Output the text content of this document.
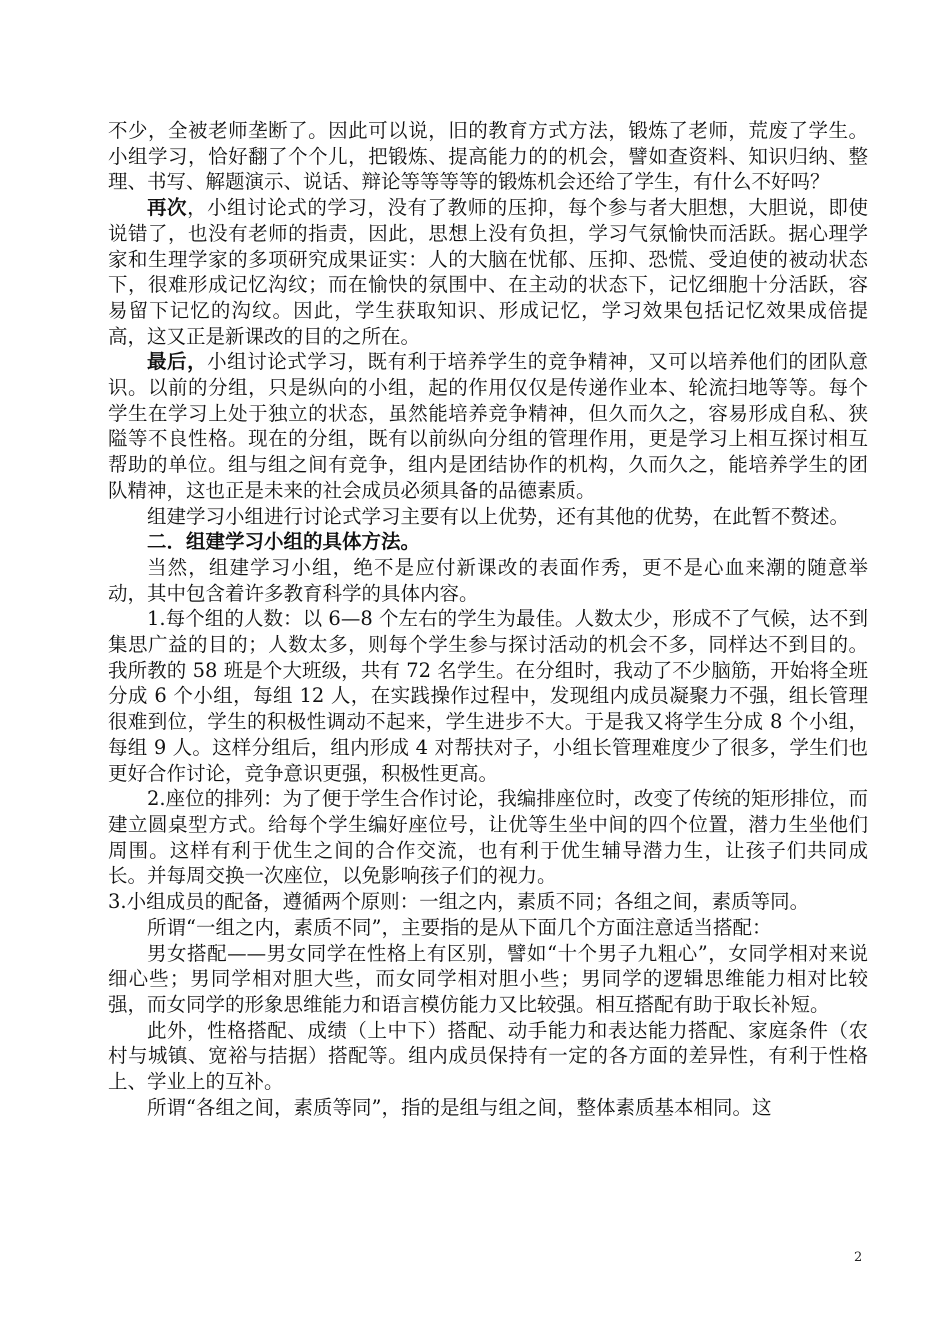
不少，全被老师垄断了。因此可以说，旧的教育方式方法，锻炼了老师，荒废了学生。小组学习，恰好翻了个个儿，把锻炼、提高能力的的机会，譬如查资料、知识归纳、整理、书写、解题演示、说话、辩论等等等等的锻炼机会还给了学生，有什么不好吗？

再次，小组讨论式的学习，没有了教师的压抑，每个参与者大胆想，大胆说，即使说错了，也没有老师的指责，因此，思想上没有负担，学习气氛愉快而活跃。据心理学家和生理学家的多项研究成果证实：人的大脑在忧郁、压抑、恐慌、受迫使的被动状态下，很难形成记忆沟纹；而在愉快的氛围中、在主动的状态下，记忆细胞十分活跃，容易留下记忆的沟纹。因此，学生获取知识、形成记忆，学习效果包括记忆效果成倍提高，这又正是新课改的目的之所在。

最后，小组讨论式学习，既有利于培养学生的竞争精神，又可以培养他们的团队意识。以前的分组，只是纵向的小组，起的作用仅仅是传递作业本、轮流扫地等等。每个学生在学习上处于独立的状态，虽然能培养竞争精神，但久而久之，容易形成自私、狭隘等不良性格。现在的分组，既有以前纵向分组的管理作用，更是学习上相互探讨相互帮助的单位。组与组之间有竞争，组内是团结协作的机构，久而久之，能培养学生的团队精神，这也正是未来的社会成员必须具备的品德素质。

组建学习小组进行讨论式学习主要有以上优势，还有其他的优势，在此暂不赘述。

二．组建学习小组的具体方法。

当然，组建学习小组，绝不是应付新课改的表面作秀，更不是心血来潮的随意举动，其中包含着许多教育科学的具体内容。

1.每个组的人数：以 6—8 个左右的学生为最佳。人数太少，形成不了气候，达不到集思广益的目的；人数太多，则每个学生参与探讨活动的机会不多，同样达不到目的。我所教的 58 班是个大班级，共有 72 名学生。在分组时，我动了不少脑筋，开始将全班分成 6 个小组，每组 12 人，在实践操作过程中，发现组内成员凝聚力不强，组长管理很难到位，学生的积极性调动不起来，学生进步不大。于是我又将学生分成 8 个小组，每组 9 人。这样分组后，组内形成 4 对帮扶对子，小组长管理难度少了很多，学生们也更好合作讨论，竞争意识更强，积极性更高。

2.座位的排列：为了便于学生合作讨论，我编排座位时，改变了传统的矩形排位，而建立圆桌型方式。给每个学生编好座位号，让优等生坐中间的四个位置，潜力生坐他们周围。这样有利于优生之间的合作交流，也有利于优生辅导潜力生，让孩子们共同成长。并每周交换一次座位，以免影响孩子们的视力。

3.小组成员的配备，遵循两个原则：一组之内，素质不同；各组之间，素质等同。

所谓“一组之内，素质不同”，主要指的是从下面几个方面注意适当搭配：

男女搭配——男女同学在性格上有区别，譬如“十个男子九粗心”，女同学相对来说细心些；男同学相对胆大些，而女同学相对胆小些；男同学的逻辑思维能力相对比较强，而女同学的形象思维能力和语言模仿能力又比较强。相互搭配有助于取长补短。

此外，性格搭配、成绩（上中下）搭配、动手能力和表达能力搭配、家庭条件（农村与城镇、宽裕与拮据）搭配等。组内成员保持有一定的各方面的差异性，有利于性格上、学业上的互补。

所谓“各组之间，素质等同”，指的是组与组之间，整体素质基本相同。这

2
